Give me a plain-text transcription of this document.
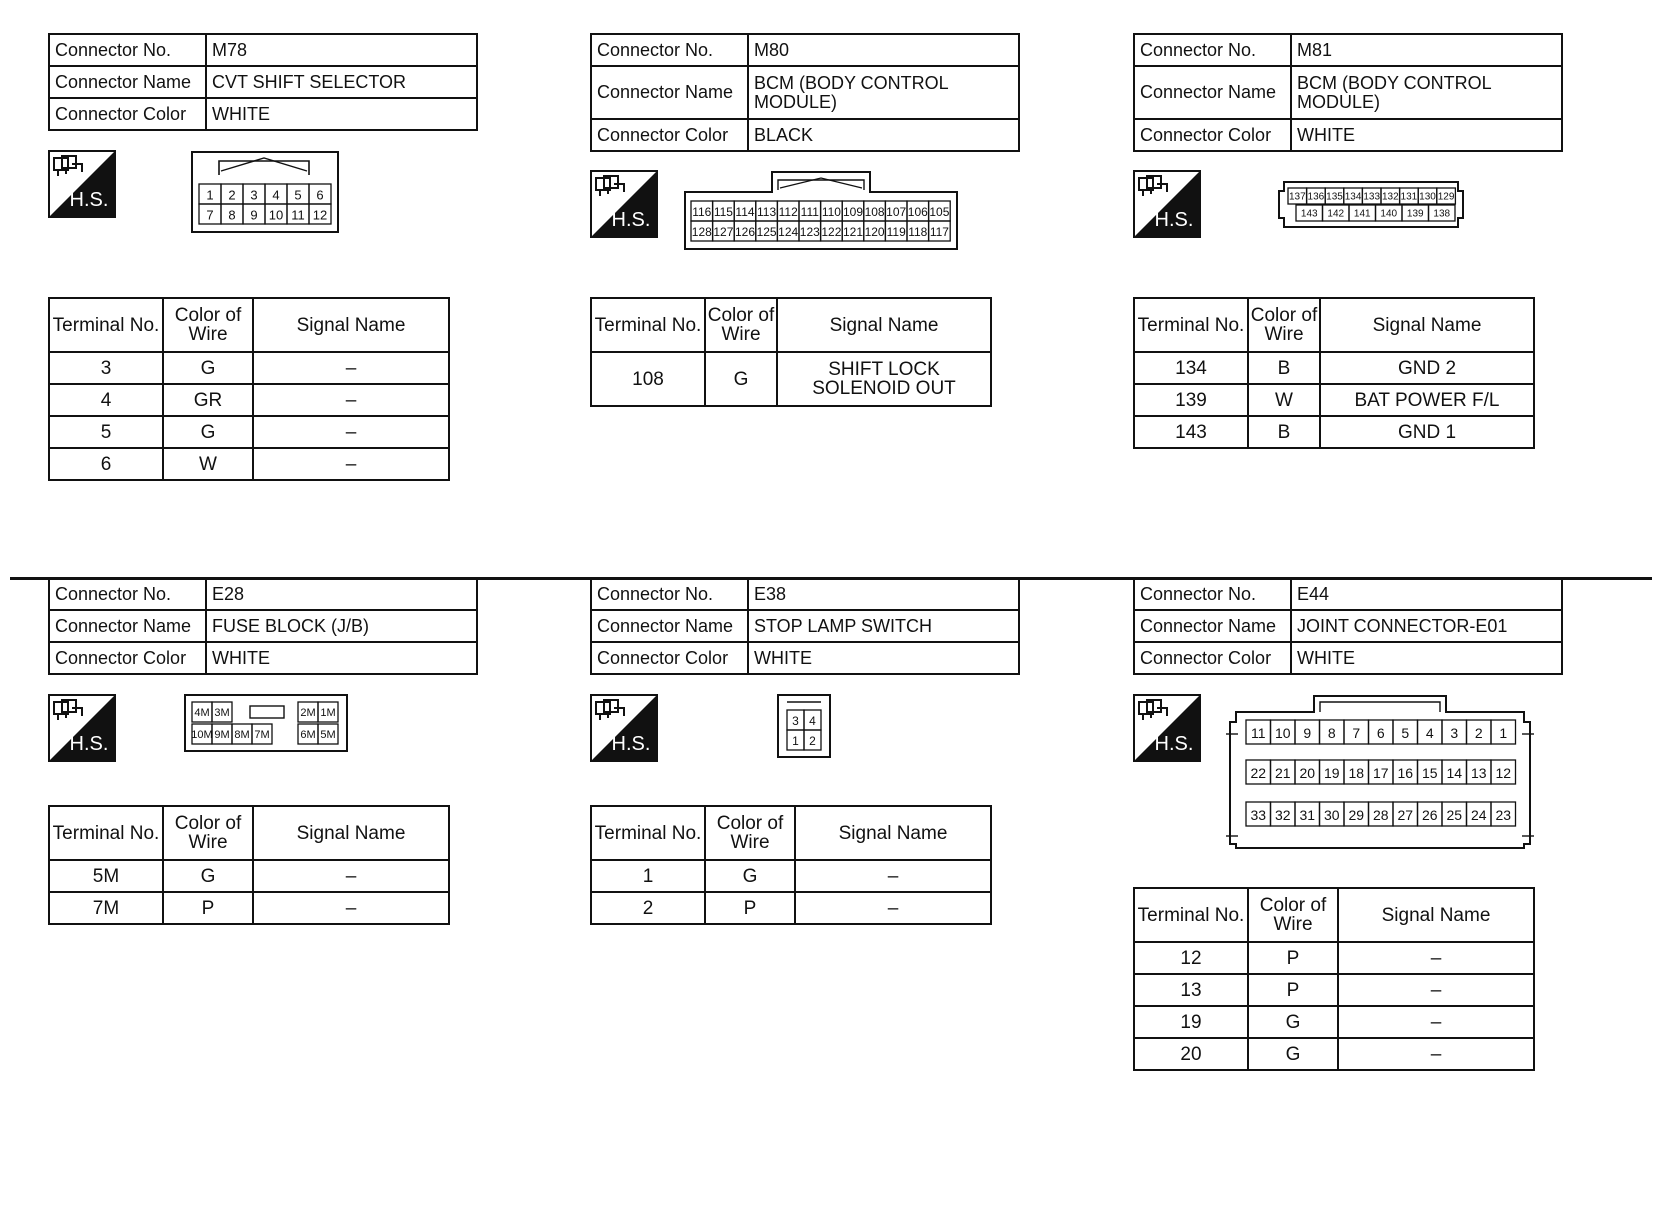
Connector No.	M78
Connector Name	CVT SHIFT SELECTOR
Connector Color	WHITE
H.S.	1 2 3 4 5 6
7 8 9 10 11 12
Terminal No.	Color of Wire	Signal Name
3	G	–
4	GR	–
5	G	–
6	W	–
Connector No.	M80
Connector Name	BCM (BODY CONTROL MODULE)
Connector Color	BLACK
H.S.	116 115 114 113 112 111 110 109 108 107 106 105
128 127 126 125 124 123 122 121 120 119 118 117
Terminal No.	Color of Wire	Signal Name
108	G	SHIFT LOCK SOLENOID OUT
Connector No.	M81
Connector Name	BCM (BODY CONTROL MODULE)
Connector Color	WHITE
H.S.
137 136 135 134 133 132 131 130 129
143 142 141 140 139 138
Terminal No.	Color of Wire	Signal Name
134	B	GND 2
139	W	BAT POWER F/L
143	B	GND 1
Connector No.	E28
Connector Name	FUSE BLOCK (J/B)
Connector Color	WHITE
H.S.
4M 3M	2M 1M
10M 9M 8M 7M	6M 5M
Terminal No.	Color of Wire	Signal Name
5M	G	–
7M	P	–
Connector No.	E38
Connector Name	STOP LAMP SWITCH
Connector Color	WHITE
H.S.
3 4
1 2
Terminal No.	Color of Wire	Signal Name
1	G	–
2	P	–
Connector No.	E44
Connector Name	JOINT CONNECTOR-E01
Connector Color	WHITE
H.S.	11 10 9 8 7 6 5 4 3 2 1
22 21 20 19 18 17 16 15 14 13 12
33 32 31 30 29 28 27 26 25 24 23
Terminal No.	Color of Wire	Signal Name
12	P	–
13	P	–
19	G	–
20	G	–
